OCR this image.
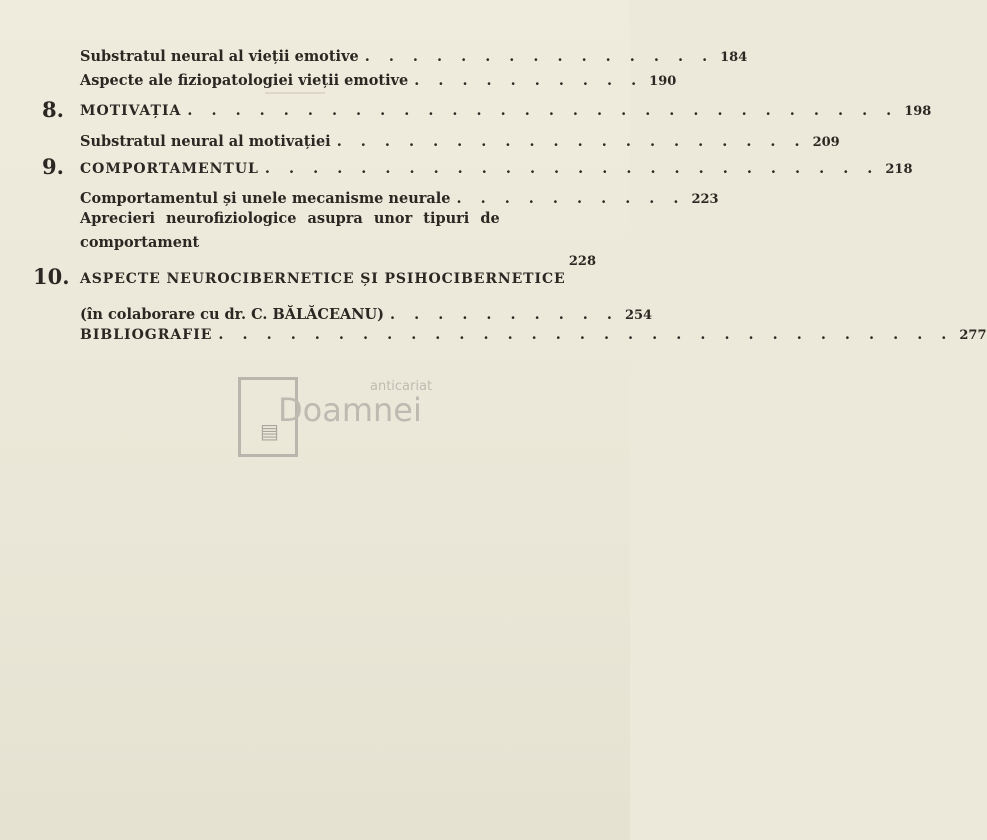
Substratul neural al vieții emotive . . . . . . . . . . . . . . . 184
Aspecte ale fiziopatologiei vieții emotive . . . . . . . . . . 190
8. MOTIVAȚIA . . . . . . . . . . . . . . . . . . . . . . . . . . . . . . 198
Substratul neural al motivației . . . . . . . . . . . . . . . . . . . . 209
9. COMPORTAMENTUL . . . . . . . . . . . . . . . . . . . . . . . . . . 218
Comportamentul și unele mecanisme neurale . . . . . . . . . . 223
Aprecieri neurofiziologice asupra unor tipuri de
comportament
228
10. ASPECTE NEUROCIBERNETICE ȘI PSIHOCIBERNETICE
(în colaborare cu dr. C. BĂLĂCEANU) . . . . . . . . . . 254
BIBLIOGRAFIE . . . . . . . . . . . . . . . . . . . . . . . . . . . . . . . 277
▤
anticariat
Doamnei
